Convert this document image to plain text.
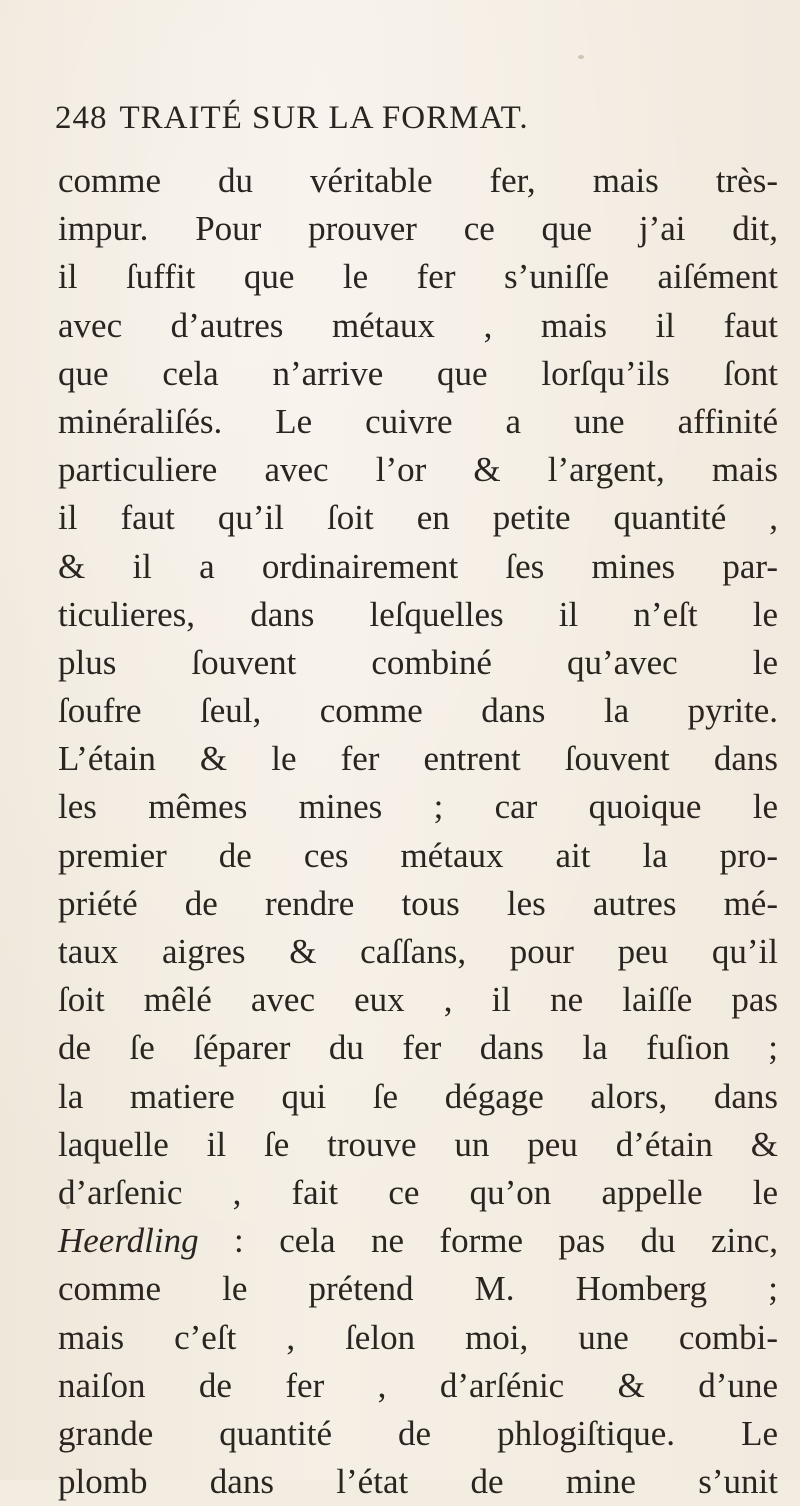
248 TRAITÉ SUR LA FORMAT.
comme du véritable fer, mais très-
impur. Pour prouver ce que j’ai dit,
il ſuffit que le fer s’uniſſe aiſément
avec d’autres métaux , mais il faut
que cela n’arrive que lorſqu’ils ſont
minéraliſés. Le cuivre a une affinité
particuliere avec l’or & l’argent, mais
il faut qu’il ſoit en petite quantité ,
& il a ordinairement ſes mines par-
ticulieres, dans leſquelles il n’eſt le
plus ſouvent combiné qu’avec le
ſoufre ſeul, comme dans la pyrite.
L’étain & le fer entrent ſouvent dans
les mêmes mines ; car quoique le
premier de ces métaux ait la pro-
priété de rendre tous les autres mé-
taux aigres & caſſans, pour peu qu’il
ſoit mêlé avec eux , il ne laiſſe pas
de ſe ſéparer du fer dans la fuſion ;
la matiere qui ſe dégage alors, dans
laquelle il ſe trouve un peu d’étain &
d’arſenic , fait ce qu’on appelle le
Heerdling : cela ne forme pas du zinc,
comme le prétend M. Homberg ;
mais c’eſt , ſelon moi, une combi-
naiſon de fer , d’arſénic & d’une
grande quantité de phlogiſtique. Le
plomb dans l’état de mine s’unit
